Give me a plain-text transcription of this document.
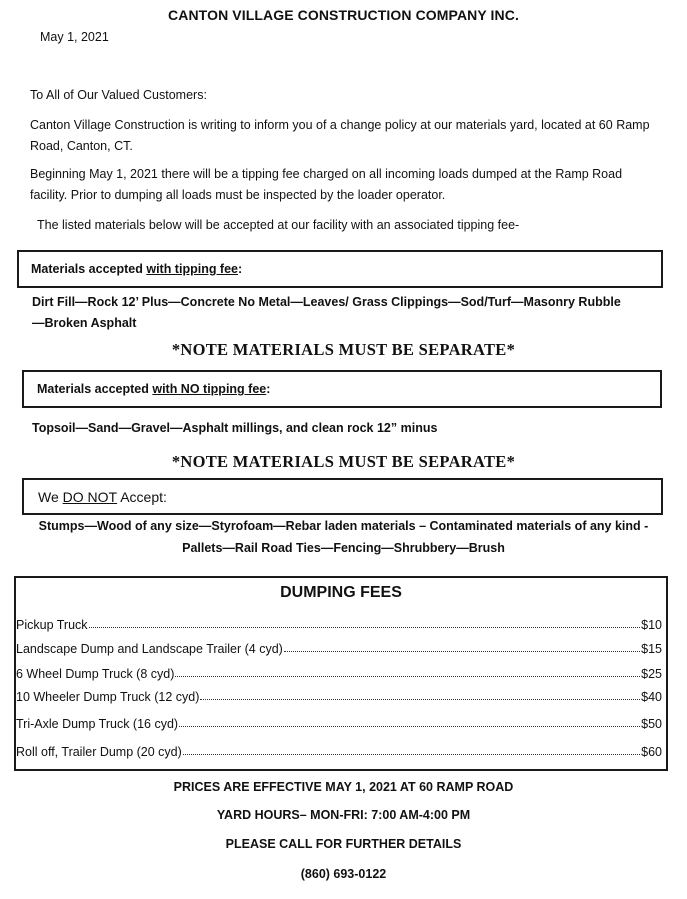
CANTON VILLAGE CONSTRUCTION COMPANY INC.
May 1, 2021
To All of Our Valued Customers:
Canton Village Construction is writing to inform you of a change policy at our materials yard, located at 60 Ramp Road, Canton, CT.
Beginning May 1, 2021 there will be a tipping fee charged on all incoming loads dumped at the Ramp Road facility. Prior to dumping all loads must be inspected by the loader operator.
The listed materials below will be accepted at our facility with an associated tipping fee-
Materials accepted with tipping fee :
Dirt Fill—Rock 12’ Plus—Concrete No Metal—Leaves/ Grass Clippings—Sod/Turf—Masonry Rubble—Broken Asphalt
*NOTE MATERIALS MUST BE SEPARATE*
Materials accepted with NO tipping fee :
Topsoil—Sand—Gravel—Asphalt millings, and clean rock 12” minus
*NOTE MATERIALS MUST BE SEPARATE*
We DO NOT Accept:
Stumps—Wood of any size—Styrofoam—Rebar laden materials – Contaminated materials of any kind -
Pallets—Rail Road Ties—Fencing—Shrubbery—Brush
DUMPING FEES
Pickup Truck	$10
Landscape Dump and Landscape Trailer (4 cyd)	$15
6 Wheel Dump Truck (8 cyd)	$25
10 Wheeler Dump Truck (12 cyd)	$40
Tri-Axle Dump Truck (16 cyd)	$50
Roll off, Trailer Dump (20 cyd)	$60
PRICES ARE EFFECTIVE MAY 1, 2021 AT 60 RAMP ROAD
YARD HOURS– MON-FRI: 7:00 AM-4:00 PM
PLEASE CALL FOR FURTHER DETAILS
(860) 693-0122
